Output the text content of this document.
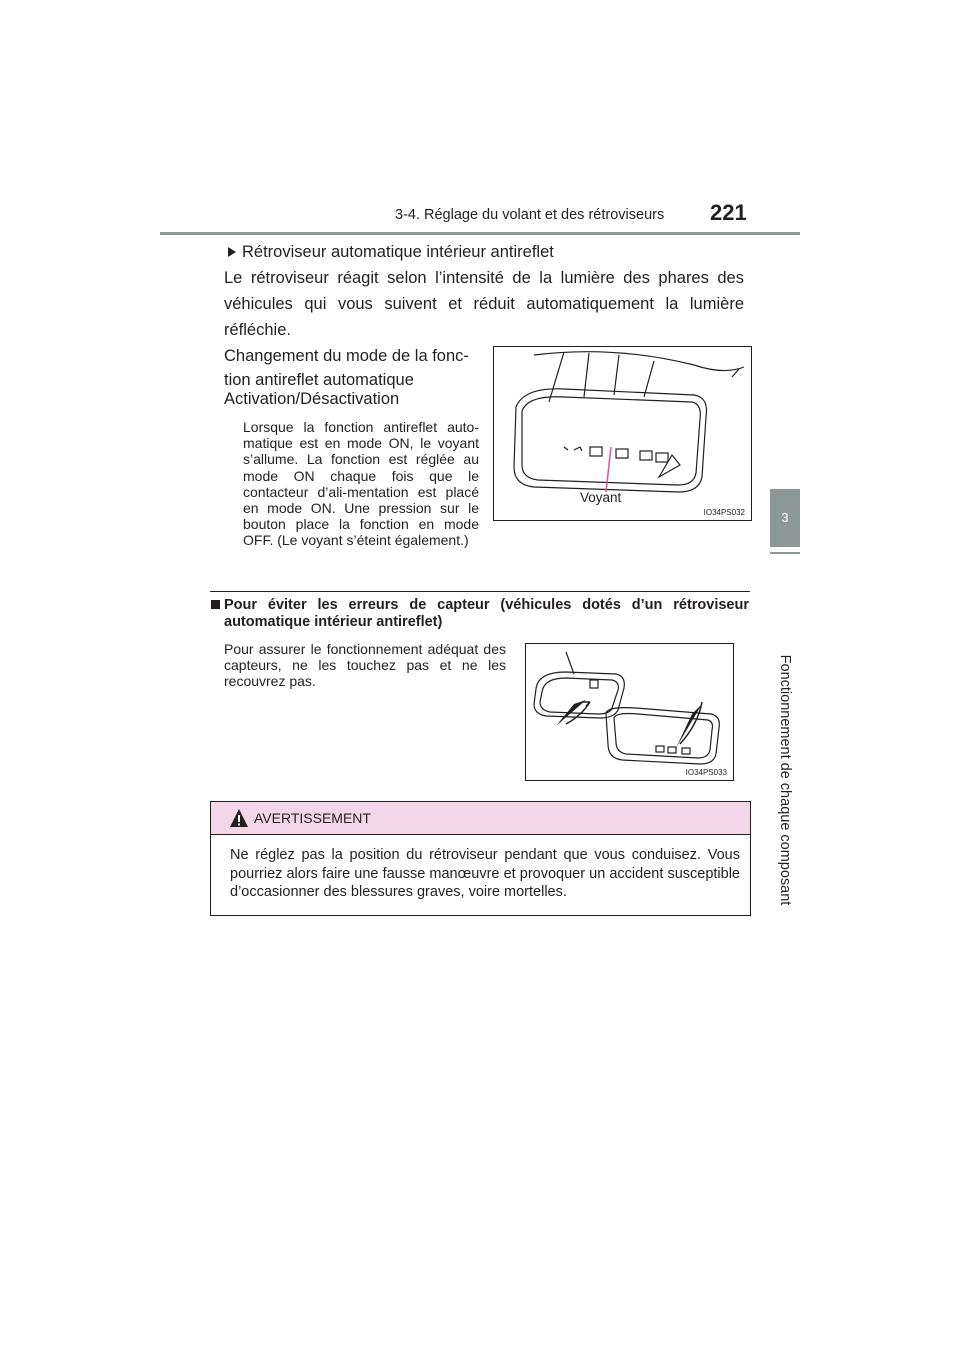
3-4. Réglage du volant et des rétroviseurs 221
3
Fonctionnement de chaque composant
Rétroviseur automatique intérieur antireflet
Le rétroviseur réagit selon l’intensité de la lumière des phares des véhicules qui vous suivent et réduit automatiquement la lumière réfléchie.
Changement du mode de la fonc-tion antireflet automatique
Activation/Désactivation
Lorsque la fonction antireflet auto-matique est en mode ON, le voyant s’allume. La fonction est réglée au mode ON chaque fois que le contacteur d’ali-mentation est placé en mode ON. Une pression sur le bouton place la fonction en mode OFF. (Le voyant s’éteint également.)
Voyant
IO34PS032
Pour éviter les erreurs de capteur (véhicules dotés d’un rétroviseur automatique intérieur antireflet)
Pour assurer le fonctionnement adéquat des capteurs, ne les touchez pas et ne les recouvrez pas.
IO34PS033
AVERTISSEMENT
Ne réglez pas la position du rétroviseur pendant que vous conduisez. Vous pourriez alors faire une fausse manœuvre et provoquer un accident susceptible d’occasionner des blessures graves, voire mortelles.
